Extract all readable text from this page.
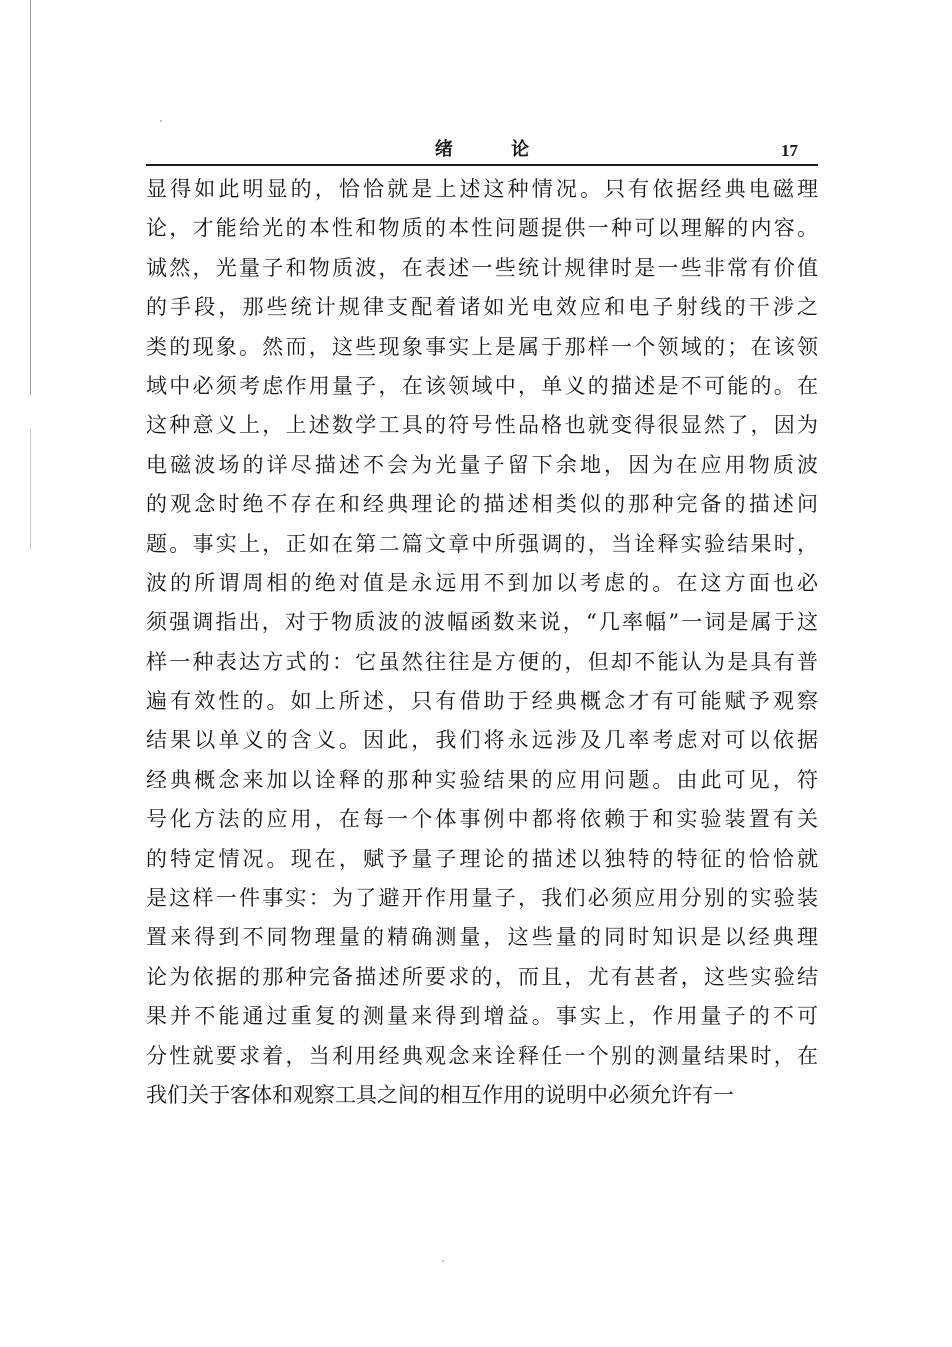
绪 论	17
显得如此明显的，恰恰就是上述这种情况。只有依据经典电磁理
论，才能给光的本性和物质的本性问题提供一种可以理解的内容。
诚然，光量子和物质波，在表述一些统计规律时是一些非常有价值
的手段，那些统计规律支配着诸如光电效应和电子射线的干涉之
类的现象。然而，这些现象事实上是属于那样一个领域的；在该领
域中必须考虑作用量子，在该领域中，单义的描述是不可能的。在
这种意义上，上述数学工具的符号性品格也就变得很显然了，因为
电磁波场的详尽描述不会为光量子留下余地，因为在应用物质波
的观念时绝不存在和经典理论的描述相类似的那种完备的描述问
题。事实上，正如在第二篇文章中所强调的，当诠释实验结果时，
波的所谓周相的绝对值是永远用不到加以考虑的。在这方面也必
须强调指出，对于物质波的波幅函数来说，“几率幅”一词是属于这
样一种表达方式的：它虽然往往是方便的，但却不能认为是具有普
遍有效性的。如上所述，只有借助于经典概念才有可能赋予观察
结果以单义的含义。因此，我们将永远涉及几率考虑对可以依据
经典概念来加以诠释的那种实验结果的应用问题。由此可见，符
号化方法的应用，在每一个体事例中都将依赖于和实验装置有关
的特定情况。现在，赋予量子理论的描述以独特的特征的恰恰就
是这样一件事实：为了避开作用量子，我们必须应用分别的实验装
置来得到不同物理量的精确测量，这些量的同时知识是以经典理
论为依据的那种完备描述所要求的，而且，尤有甚者，这些实验结
果并不能通过重复的测量来得到增益。事实上，作用量子的不可
分性就要求着，当利用经典观念来诠释任一个别的测量结果时，在
我们关于客体和观察工具之间的相互作用的说明中必须允许有一
